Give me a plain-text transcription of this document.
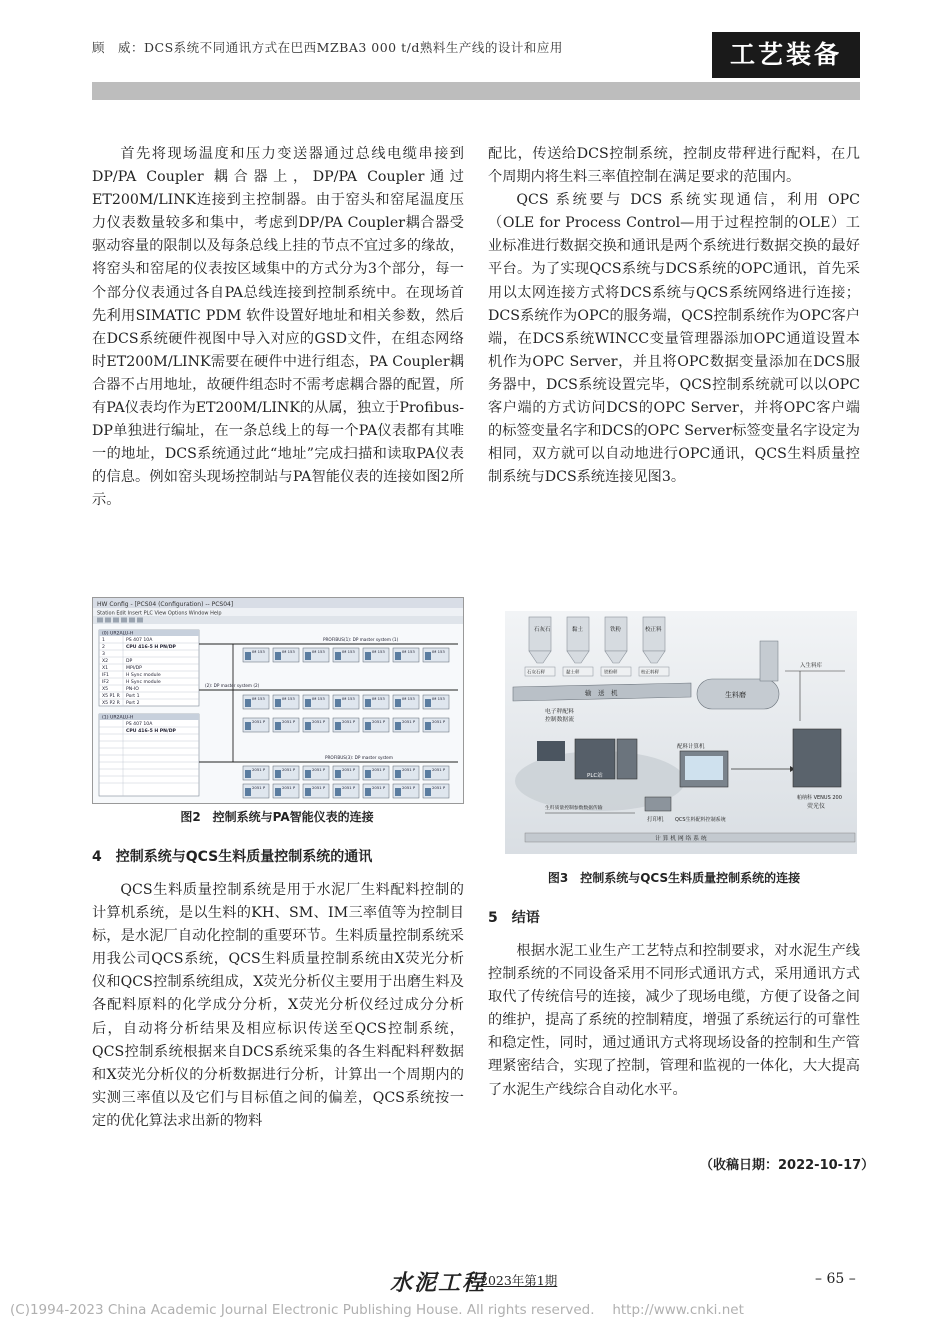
顾　威：DCS系统不同通讯方式在巴西MZBA3 000 t/d熟料生产线的设计和应用	工艺装备

首先将现场温度和压力变送器通过总线电缆串接到DP/PA Coupler 耦合器上，DP/PA Coupler通过ET200M/LINK连接到主控制器。由于窑头和窑尾温度压力仪表数量较多和集中，考虑到DP/PA Coupler耦合器受驱动容量的限制以及每条总线上挂的节点不宜过多的缘故，将窑头和窑尾的仪表按区域集中的方式分为3个部分，每一个部分仪表通过各自PA总线连接到控制系统中。在现场首先利用SIMATIC PDM 软件设置好地址和相关参数，然后在DCS系统硬件视图中导入对应的GSD文件，在组态网络时ET200M/LINK需要在硬件中进行组态，PA Coupler耦合器不占用地址，故硬件组态时不需考虑耦合器的配置，所有PA仪表均作为ET200M/LINK的从属，独立于Profibus-DP单独进行编址，在一条总线上的每一个PA仪表都有其唯一的地址，DCS系统通过此“地址”完成扫描和读取PA仪表的信息。例如窑头现场控制站与PA智能仪表的连接如图2所示。

HW Config - [PCS04 (Configuration) -- PCS04]
Station Edit Insert PLC View Options Window Help
(0) UR2ALU-H
1
2
3
X2
X1
IF1
IF2
X5
X5 P1 R
X5 P2 R
PS 407 10A
CPU 416-5 H PN/DP
DP
MPI/DP
H Sync module
H Sync module
PN-IO
Port 1
Port 2
(1) UR2ALU-H
PS 407 10A
CPU 416-5 H PN/DP
PROFIBUS(1): DP master system (1)
(2): DP master system (2)
PROFIBUS(3): DP master system
IM 153	IM 153	IM 153	IM 153	IM 153	IM 153	IM 153
IM 153	IM 153	IM 153	IM 153	IM 153	IM 153	IM 153
2051 P	2051 P	2051 P	2051 P	2051 P	2051 P	2051 P
2051 P	2051 P	2051 P	2051 P	2051 P	2051 P	2051 P
2051 P	2051 P	2051 P	2051 P	2051 P	2051 P	2051 P
图2　控制系统与PA智能仪表的连接
4　控制系统与QCS生料质量控制系统的通讯

QCS生料质量控制系统是用于水泥厂生料配料控制的计算机系统，是以生料的KH、SM、IM三率值等为控制目标，是水泥厂自动化控制的重要环节。生料质量控制系统采用我公司QCS系统，QCS生料质量控制系统由X荧光分析仪和QCS控制系统组成，X荧光分析仪主要用于出磨生料及各配料原料的化学成分分析，X荧光分析仪经过成分分析后，自动将分析结果及相应标识传送至QCS控制系统，QCS控制系统根据来自DCS系统采集的各生料配料秤数据和X荧光分析仪的分析数据进行分析，计算出一个周期内的实测三率值以及它们与目标值之间的偏差，QCS系统按一定的优化算法求出新的物料

配比，传送给DCS控制系统，控制皮带秤进行配料，在几个周期内将生料三率值控制在满足要求的范围内。

QCS 系统要与 DCS 系统实现通信，利用 OPC（OLE for Process Control—用于过程控制的OLE）工业标准进行数据交换和通讯是两个系统进行数据交换的最好平台。为了实现QCS系统与DCS系统的OPC通讯，首先采用以太网连接方式将DCS系统与QCS系统网络进行连接；DCS系统作为OPC的服务端，QCS控制系统作为OPC客户端，在DCS系统WINCC变量管理器添加OPC通道设置本机作为OPC Server，并且将OPC数据变量添加在DCS服务器中，DCS系统设置完毕，QCS控制系统就可以以OPC客户端的方式访问DCS的OPC Server，并将OPC客户端的标签变量名字和DCS的OPC Server标签变量名字设定为相同，双方就可以自动地进行OPC通讯，QCS生料质量控制系统与DCS系统连接见图3。

石灰石	黏土	铁粉	校正料
石灰石秤	黏土秤	铁粉秤	校正料秤
输　送　机	生料磨
入生料库
电子秤配料
控制数据流
PLC站
配料计算机
帕纳科 VENUS 200
荧光仪
打印机 QCS生料配料控制系统
生料质量控制参数数据传输
计 算 机 网 络 系 统
图3　控制系统与QCS生料质量控制系统的连接
5　结语

根据水泥工业生产工艺特点和控制要求，对水泥生产线控制系统的不同设备采用不同形式通讯方式，采用通讯方式取代了传统信号的连接，减少了现场电缆，方便了设备之间的维护，提高了系统的控制精度，增强了系统运行的可靠性和稳定性，同时，通过通讯方式将现场设备的控制和生产管理紧密结合，实现了控制，管理和监视的一体化，大大提高了水泥生产线综合自动化水平。

（收稿日期：2022-10-17）
水泥工程
2023年第1期	– 65 –
(C)1994-2023 China Academic Journal Electronic Publishing House. All rights reserved.　 http://www.cnki.net
